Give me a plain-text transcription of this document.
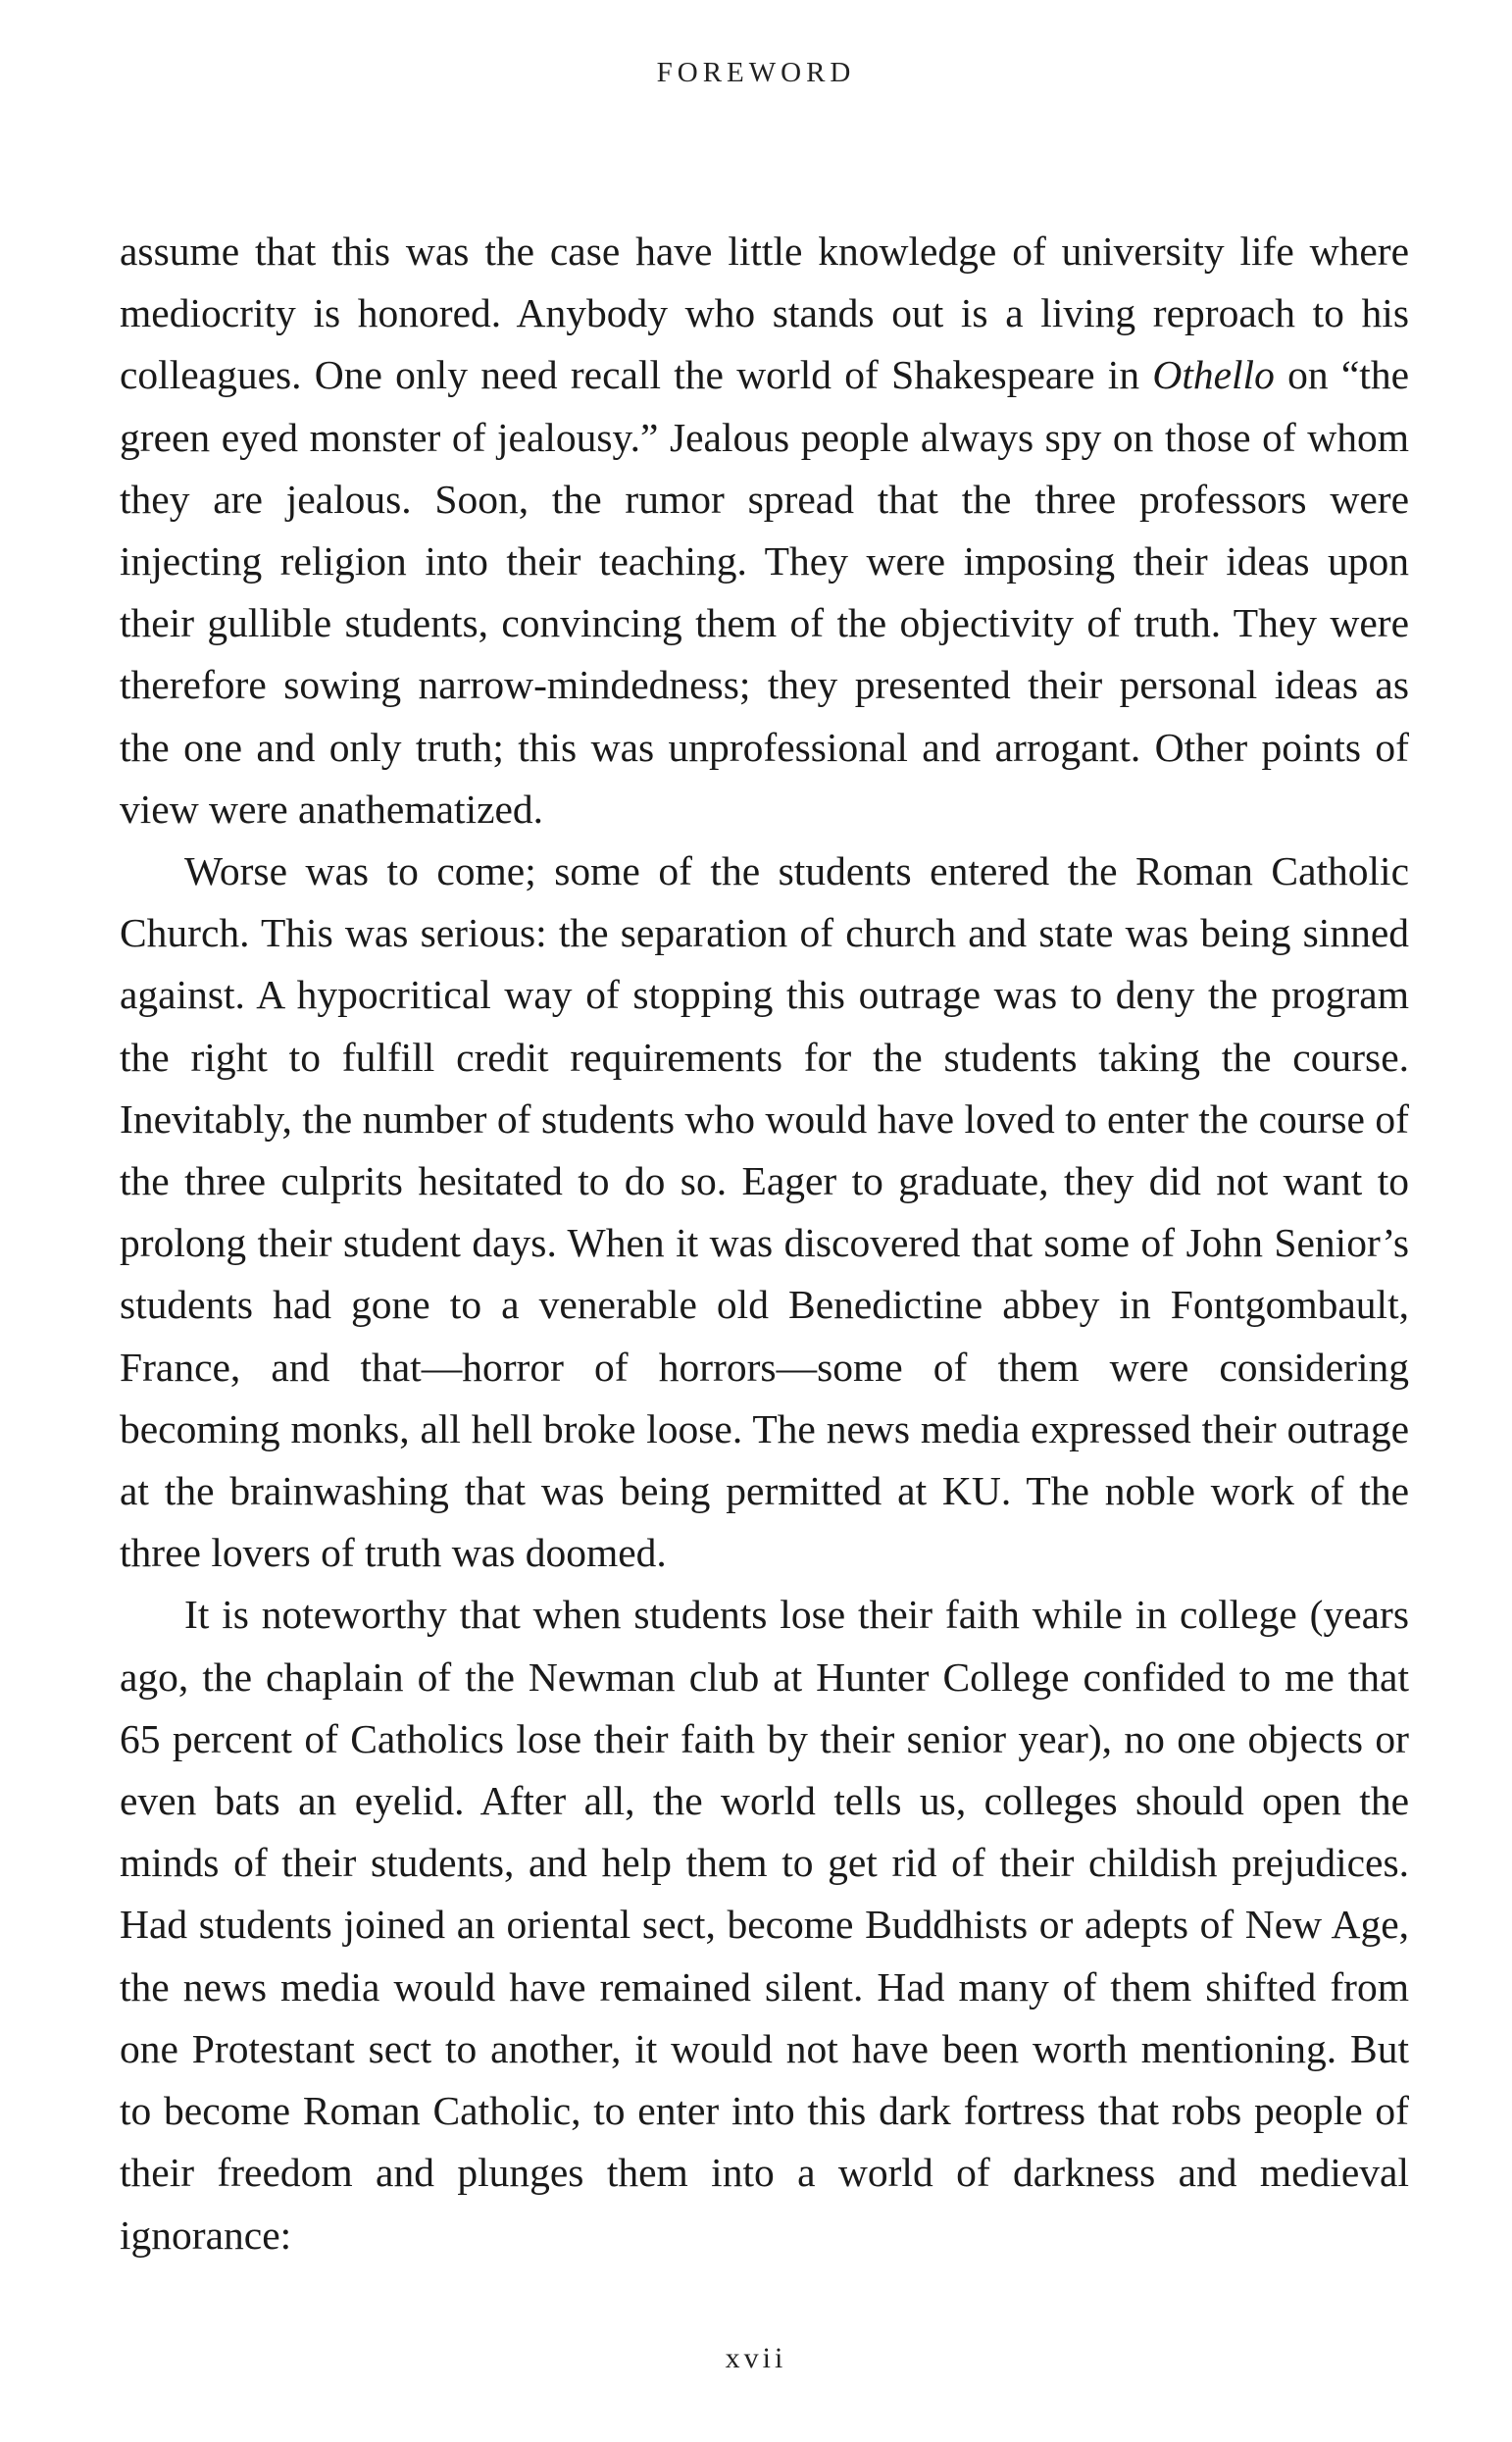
FOREWORD

assume that this was the case have little knowledge of university life where mediocrity is honored. Anybody who stands out is a living reproach to his colleagues. One only need recall the world of Shakespeare in Othello on “the green eyed monster of jealousy.” Jealous people always spy on those of whom they are jealous. Soon, the rumor spread that the three professors were injecting religion into their teaching. They were imposing their ideas upon their gullible students, convincing them of the objectivity of truth. They were therefore sowing narrow-mindedness; they presented their personal ideas as the one and only truth; this was unprofessional and arrogant. Other points of view were anathematized.

Worse was to come; some of the students entered the Roman Catholic Church. This was serious: the separation of church and state was being sinned against. A hypocritical way of stopping this outrage was to deny the program the right to fulfill credit requirements for the students taking the course. Inevitably, the number of students who would have loved to enter the course of the three culprits hesitated to do so. Eager to graduate, they did not want to prolong their student days. When it was discovered that some of John Senior’s students had gone to a venerable old Benedictine abbey in Fontgombault, France, and that—horror of horrors—some of them were considering becoming monks, all hell broke loose. The news media expressed their outrage at the brainwashing that was being permitted at KU. The noble work of the three lovers of truth was doomed.

It is noteworthy that when students lose their faith while in college (years ago, the chaplain of the Newman club at Hunter College confided to me that 65 percent of Catholics lose their faith by their senior year), no one objects or even bats an eyelid. After all, the world tells us, colleges should open the minds of their students, and help them to get rid of their childish prejudices. Had students joined an oriental sect, become Buddhists or adepts of New Age, the news media would have remained silent. Had many of them shifted from one Protestant sect to another, it would not have been worth mentioning. But to become Roman Catholic, to enter into this dark fortress that robs people of their freedom and plunges them into a world of darkness and medieval ignorance:

xvii
